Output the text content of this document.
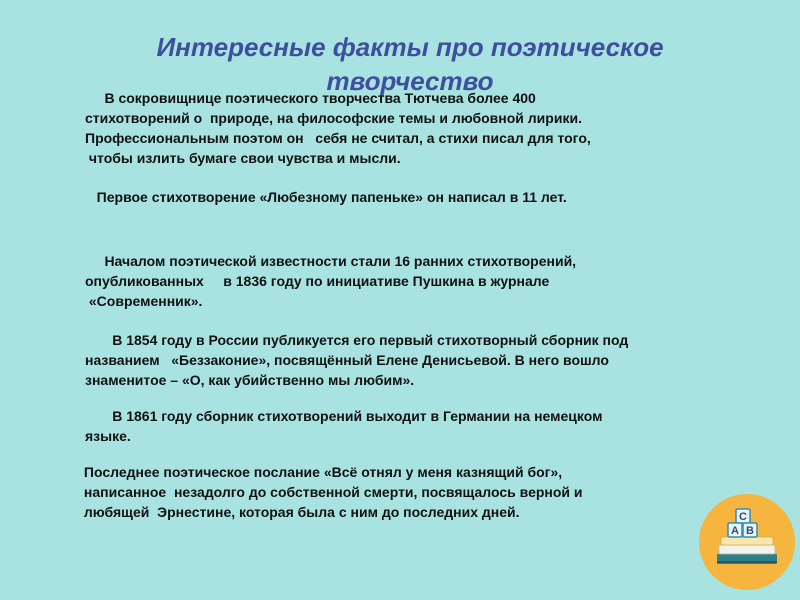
Интересные факты про поэтическое
творчество

В сокровищнице поэтического творчества Тютчева более 400
стихотворений о  природе, на философские темы и любовной лирики.
Профессиональным поэтом он   себя не считал, а стихи писал для того,
чтобы излить бумаге свои чувства и мысли.

Первое стихотворение «Любезному папеньке» он написал в 11 лет.

Началом поэтической известности стали 16 ранних стихотворений,
опубликованных     в 1836 году по инициативе Пушкина в журнале
«Современник».

В 1854 году в России публикуется его первый стихотворный сборник под
названием   «Беззаконие», посвящённый Елене Денисьевой. В него вошло
знаменитое – «О, как убийственно мы любим».

В 1861 году сборник стихотворений выходит в Германии на немецком
языке.

Последнее поэтическое послание «Всё отнял у меня казнящий бог»,
написанное  незадолго до собственной смерти, посвящалось верной и
любящей  Эрнестине, которая была с ним до последних дней.	C
A B
